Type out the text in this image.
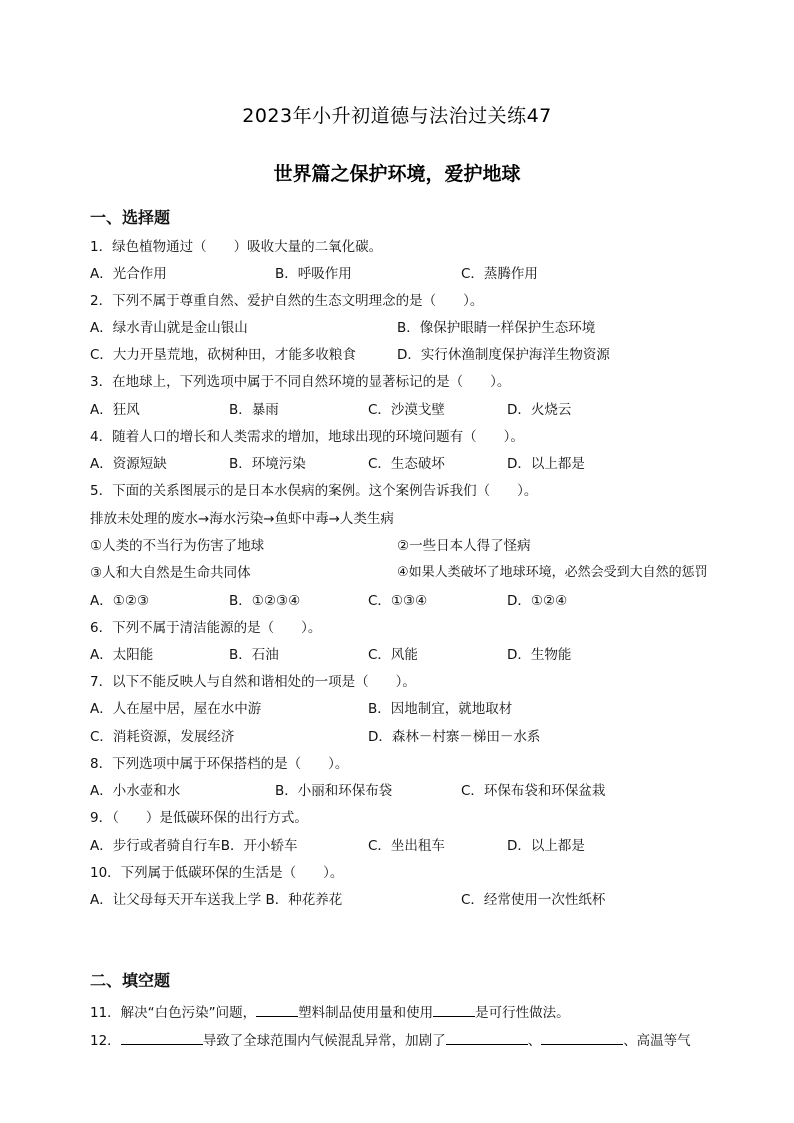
2023年小升初道德与法治过关练47
世界篇之保护环境，爱护地球
一、选择题
1．绿色植物通过（　　）吸收大量的二氧化碳。
A．光合作用	B．呼吸作用	C．蒸腾作用
2．下列不属于尊重自然、爱护自然的生态文明理念的是（　　）。
A．绿水青山就是金山银山	B．像保护眼睛一样保护生态环境
C．大力开垦荒地，砍树种田，才能多收粮食	D．实行休渔制度保护海洋生物资源
3．在地球上，下列选项中属于不同自然环境的显著标记的是（　　）。
A．狂风	B．暴雨	C．沙漠戈壁	D．火烧云
4．随着人口的增长和人类需求的增加，地球出现的环境问题有（　　）。
A．资源短缺	B．环境污染	C．生态破坏	D．以上都是
5．下面的关系图展示的是日本水俣病的案例。这个案例告诉我们（　　）。
排放未处理的废水→海水污染→鱼虾中毒→人类生病
①人类的不当行为伤害了地球	②一些日本人得了怪病
③人和大自然是生命共同体	④如果人类破坏了地球环境，必然会受到大自然的惩罚
A．①②③	B．①②③④	C．①③④	D．①②④
6．下列不属于清洁能源的是（　　）。
A．太阳能	B．石油	C．风能	D．生物能
7．以下不能反映人与自然和谐相处的一项是（　　）。
A．人在屋中居，屋在水中游	B．因地制宜，就地取材
C．消耗资源，发展经济	D．森林－村寨－梯田－水系
8．下列选项中属于环保搭档的是（　　）。
A．小水壶和水	B．小丽和环保布袋	C．环保布袋和环保盆栽
9．（　　）是低碳环保的出行方式。
A．步行或者骑自行车B．开小轿车	C．坐出租车	D．以上都是
10．下列属于低碳环保的生活是（　　）。
A．让父母每天开车送我上学 B．种花养花	C．经常使用一次性纸杯
二、填空题
11．解决“白色污染”问题，	塑料制品使用量和使用	是可行性做法。
12．	导致了全球范围内气候混乱异常，加剧了	、	、高温等气
